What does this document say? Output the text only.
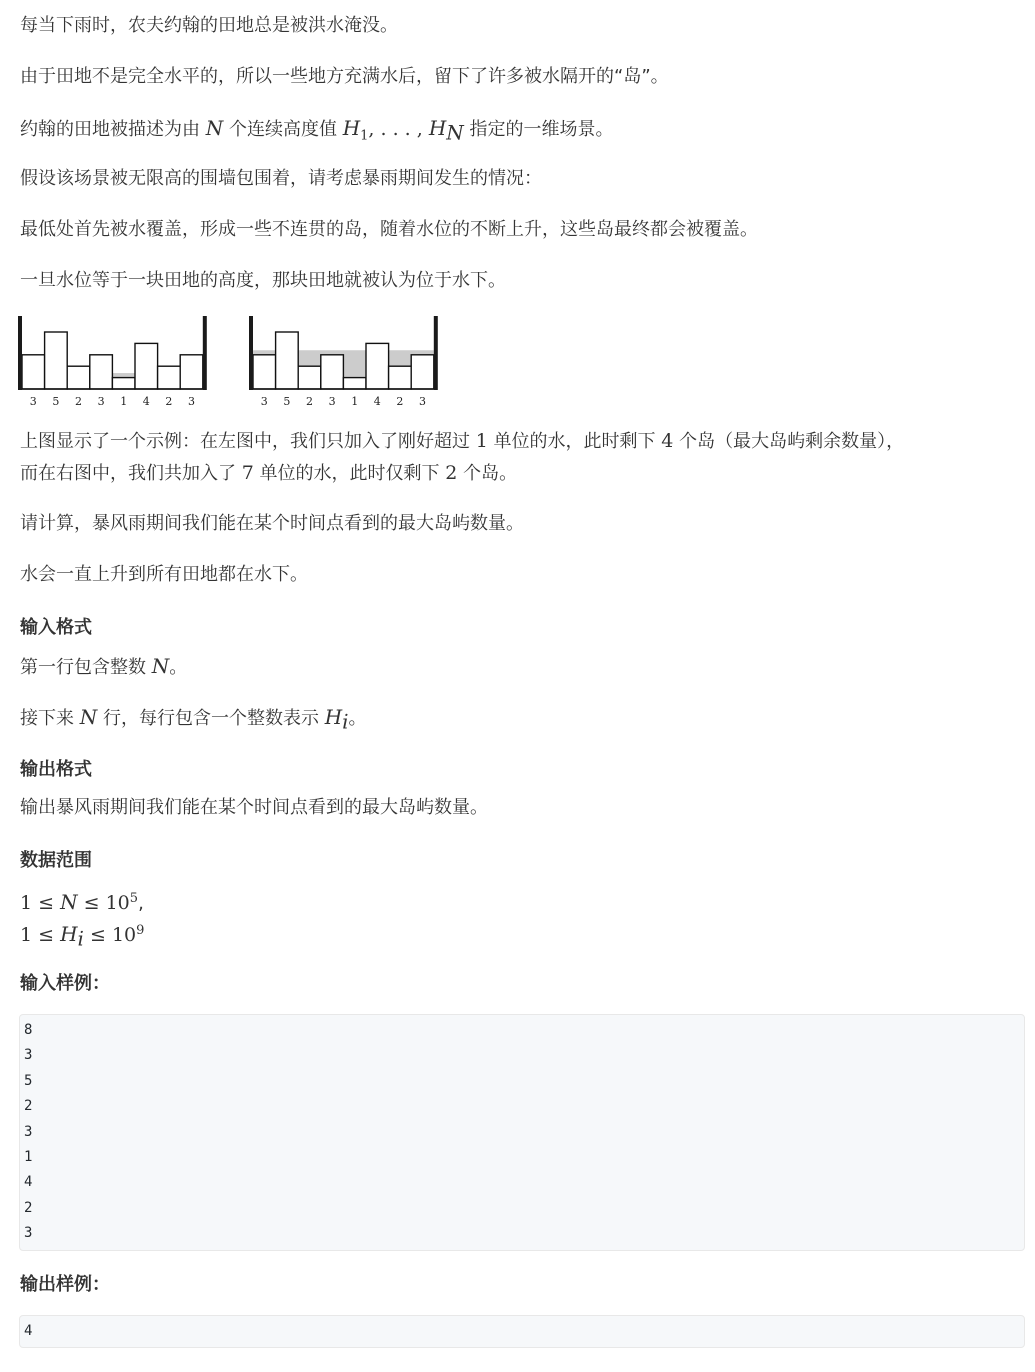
每当下雨时，农夫约翰的田地总是被洪水淹没。
由于田地不是完全水平的，所以一些地方充满水后，留下了许多被水隔开的“岛”。
约翰的田地被描述为由 N 个连续高度值 $H_1$, . . . , $H_N$ 指定的一维场景。
假设该场景被无限高的围墙包围着，请考虑暴雨期间发生的情况：
最低处首先被水覆盖，形成一些不连贯的岛，随着水位的不断上升，这些岛最终都会被覆盖。
一旦水位等于一块田地的高度，那块田地就被认为位于水下。
3 5 2 3 1 4 2 3	3 5 2 3 1 4 2 3
上图显示了一个示例：在左图中，我们只加入了刚好超过 1 单位的水，此时剩下 4 个岛（最大岛屿剩余数量），
而在右图中，我们共加入了 7 单位的水，此时仅剩下 2 个岛。
请计算，暴风雨期间我们能在某个时间点看到的最大岛屿数量。
水会一直上升到所有田地都在水下。
输入格式
第一行包含整数 N。
接下来 N 行，每行包含一个整数表示 $H_i$。
输出格式
输出暴风雨期间我们能在某个时间点看到的最大岛屿数量。
数据范围
$1 \le N \le 10^5$,
$1 \le H_i \le 10^9$
输入样例：
8
3
5
2
3
1
4
2
3
输出样例：
4
